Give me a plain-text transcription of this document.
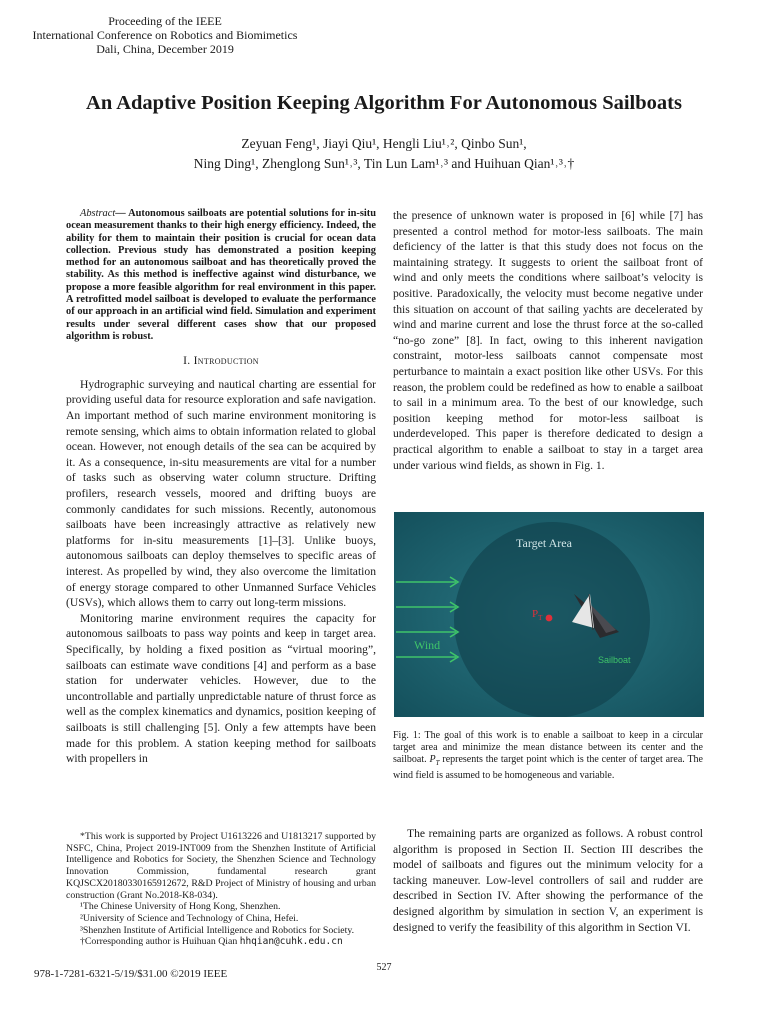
Proceeding of the IEEE
International Conference on Robotics and Biomimetics
Dali, China, December 2019
An Adaptive Position Keeping Algorithm For Autonomous Sailboats
Zeyuan Feng¹, Jiayi Qiu¹, Hengli Liu¹˒², Qinbo Sun¹,
Ning Ding¹, Zhenglong Sun¹˒³, Tin Lun Lam¹˒³ and Huihuan Qian¹˒³˒†

Abstract— Autonomous sailboats are potential solutions for in-situ ocean measurement thanks to their high energy efficiency. Indeed, the ability for them to maintain their position is crucial for ocean data collection. Previous study has demonstrated a position keeping method for an autonomous sailboat and has theoretically proved the stability. As this method is ineffective against wind disturbance, we propose a more feasible algorithm for real environment in this paper. A retrofitted model sailboat is developed to evaluate the performance of our approach in an artificial wind field. Simulation and experiment results under several different cases show that our proposed algorithm is robust.

I. Introduction

Hydrographic surveying and nautical charting are essential for providing useful data for resource exploration and safe navigation. An important method of such marine environment monitoring is remote sensing, which aims to obtain information related to global ocean. However, not enough details of the sea can be acquired by it. As a consequence, in-situ measurements are vital for a number of tasks such as observing water column structure. Drifting profilers, research vessels, moored and drifting buoys are commonly candidates for such missions. Recently, autonomous sailboats have been increasingly attractive as relatively new platforms for in-situ measurements [1]–[3]. Unlike buoys, autonomous sailboats can deploy themselves to specific areas of interest. As propelled by wind, they also overcome the limitation of energy storage compared to other Unmanned Surface Vehicles (USVs), which allows them to carry out long-term missions.

Monitoring marine environment requires the capacity for autonomous sailboats to pass way points and keep in target area. Specifically, by holding a fixed position as “virtual mooring”, sailboats can estimate wave conditions [4] and perform as a base station for underwater vehicles. However, due to the uncontrollable and partially unpredictable nature of thrust force as well as the complex kinematics and dynamics, position keeping of sailboats is still challenging [5]. Only a few attempts have been made for this problem. A station keeping method for sailboats with propellers in

the presence of unknown water is proposed in [6] while [7] has presented a control method for motor-less sailboats. The main deficiency of the latter is that this study does not focus on the maintaining strategy. It suggests to orient the sailboat front of wind and only meets the conditions where sailboat’s velocity is positive. Paradoxically, the velocity must become negative under this situation on account of that sailing yachts are decelerated by wind and marine current and lose the thrust force at the so-called “no-go zone” [8]. In fact, owing to this inherent navigation constraint, motor-less sailboats cannot compensate most perturbance to maintain a exact position like other USVs. For this reason, the problem could be redefined as how to enable a sailboat to sail in a minimum area. To the best of our knowledge, such position keeping method for motor-less sailboat is underdeveloped. This paper is therefore dedicated to design a practical algorithm to enable a sailboat to stay in a target area under various wind fields, as shown in Fig. 1.

Target Area
Wind
Sailboat
$P_T$
Fig. 1: The goal of this work is to enable a sailboat to keep in a circular target area and minimize the mean distance between its center and the sailboat. $P_T$ represents the target point which is the center of target area. The wind field is assumed to be homogeneous and variable.

The remaining parts are organized as follows. A robust control algorithm is proposed in Section II. Section III describes the model of sailboats and figures out the minimum velocity for a tacking maneuver. Low-level controllers of sail and rudder are described in Section IV. After showing the performance of the designed algorithm by simulation in section V, an experiment is designed to verify the feasibility of this algorithm in Section VI.

*This work is supported by Project U1613226 and U1813217 supported by NSFC, China, Project 2019-INT009 from the Shenzhen Institute of Artificial Intelligence and Robotics for Society, the Shenzhen Science and Technology Innovation Commission, fundamental research grant KQJSCX20180330165912672, R&D Project of Ministry of housing and urban construction (Grant No.2018-K8-034).

¹The Chinese University of Hong Kong, Shenzhen.

²University of Science and Technology of China, Hefei.

³Shenzhen Institute of Artificial Intelligence and Robotics for Society.

†Corresponding author is Huihuan Qian hhqian@cuhk.edu.cn

527
978-1-7281-6321-5/19/$31.00 ©2019 IEEE
